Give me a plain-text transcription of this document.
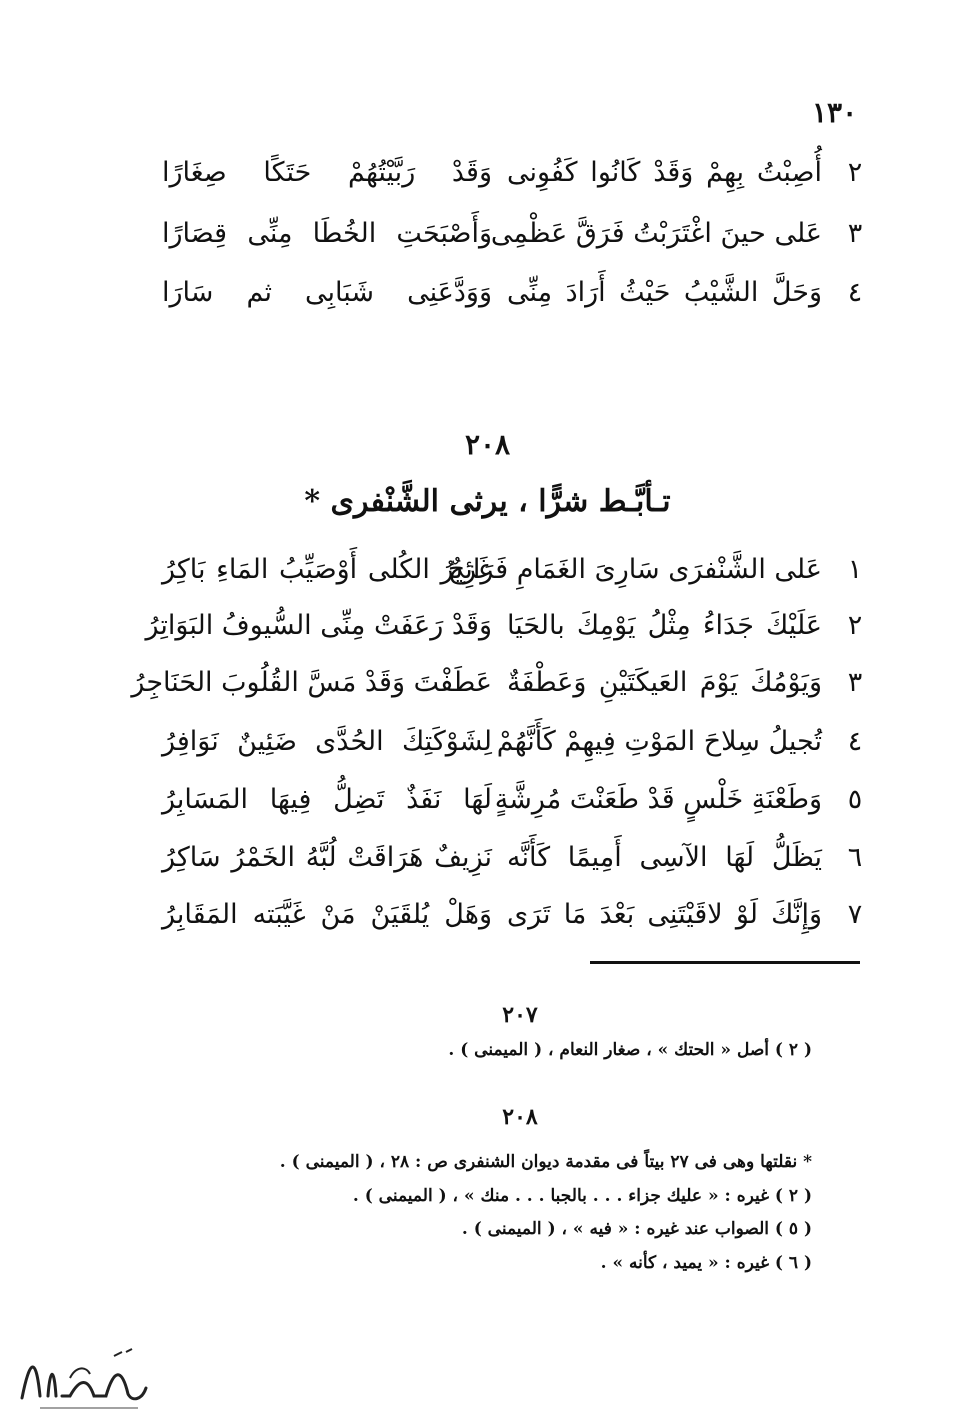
١٣٠
٢
أُصِبْتُ بِهِمْ وَقَدْ كَانُوا كَفُوِنى
وَقَدْ رَبَّيْتُهُمْ حَتَكًا صِغَارًا
٣
عَلى حينَ اغْتَرَبْتُ فَرَقَّ عَظْمِى
وَأَصْبَحَتِ الخُطَا مِنِّى قِصَارًا
٤
وَحَلَّ الشَّيْبُ حَيْثُ أَرَادَ مِنِّى
وَوَدَّعَنِى شَبَابِى ثم سَارَا
٢٠٨
تـأبَّـط شرًّا ، يرثى الشَّنْفرى *
١
عَلى الشَّنْفرَى سَارِىَ الغَمَامِ فَرَائحٌ
غَزِيرُ الكُلى أَوْصَيِّبُ المَاءِ بَاكِرُ
٢
عَلَيْكَ جَدَاءُ مِثْلُ يَوْمِكَ بالحَيَا
وَقَدْ رَعَفَتْ مِنِّى السُّيوفُ البَوَاتِرُ
٣
وَيَوْمُكَ يَوْمَ العَيكَتَيْنِ وَعَطْفَةٌ
عَطَفْتَ وَقَدْ مَسَّ القُلُوبَ الحَنَاجِرُ
٤
تُجيلُ سِلاحَ المَوْتِ فِيهِمْ كَأَنَّهُمْ
لِشَوْكَتِكَ الحُدَّى ضَئِينٌ نَوَافِرُ
٥
وَطَعْنَةِ خَلْسٍ قَدْ طَعَنْتَ مُرِشَّةٍ
لَهَا نَفَذٌ تَضِلُّ فِيهَا المَسَابِرُ
٦
يَظَلُّ لَهَا الآسِى أَمِيمًا كَأَنَّه
نَزِيفٌ هَرَاقَتْ لُبَّهُ الخَمْرُ سَاكِرُ
٧
وَإِنَّكَ لَوْ لاقَيْتَنِى بَعْدَ مَا تَرَى
وَهَلْ يُلقَيَنْ مَنْ غَيَّبَته المَقَابِرُ
٢٠٧
( ٢ ) أصل « الحتك » ، صغار النعام ، ( الميمنى ) .
٢٠٨
* نقلتها وهى فى ٢٧ بيتاً فى مقدمة ديوان الشنفرى ص : ٢٨ ، ( الميمنى ) .
( ٢ ) غيره : « عليك جزاء . . . بالجبا . . . منك » ، ( الميمنى ) .
( ٥ ) الصواب عند غيره : « فيه » ، ( الميمنى ) .
( ٦ ) غيره : « يميد ، كأنه » .
